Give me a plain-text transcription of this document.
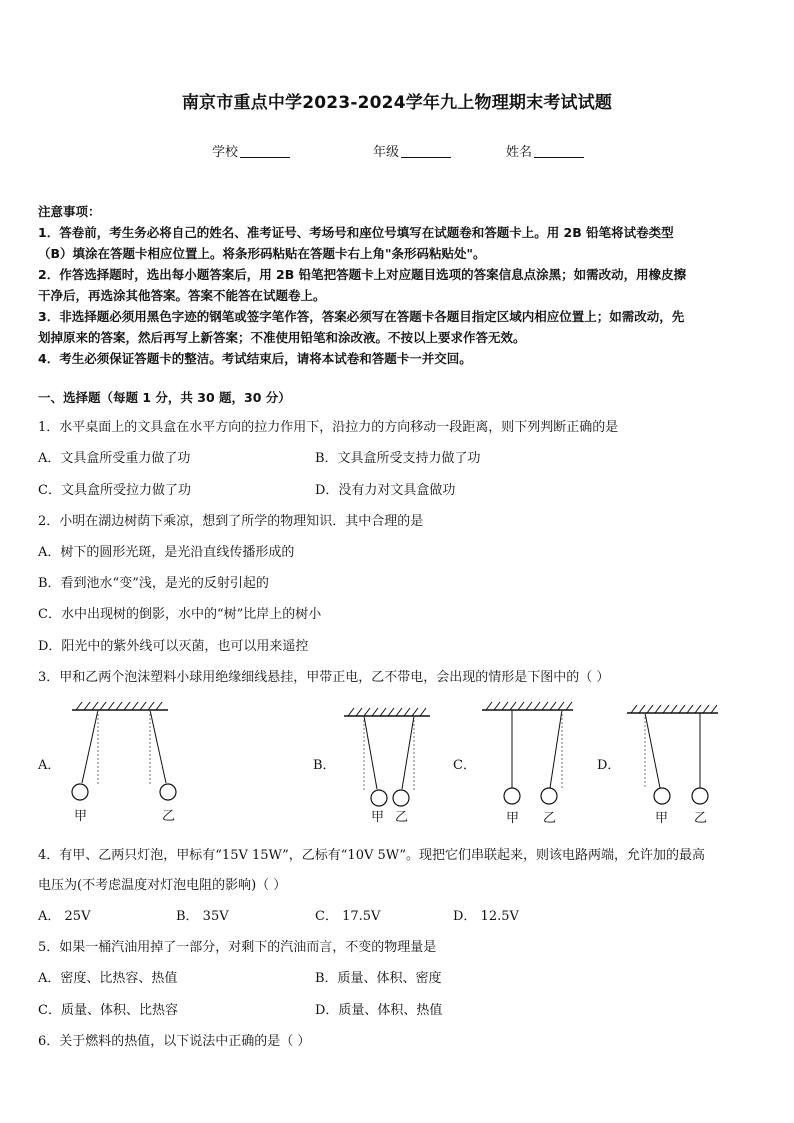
南京市重点中学2023-2024学年九上物理期末考试试题
学校	年级	姓名
注意事项：
1．答卷前，考生务必将自己的姓名、准考证号、考场号和座位号填写在试题卷和答题卡上。用 2B 铅笔将试卷类型
（B）填涂在答题卡相应位置上。将条形码粘贴在答题卡右上角"条形码粘贴处"。
2．作答选择题时，选出每小题答案后，用 2B 铅笔把答题卡上对应题目选项的答案信息点涂黑；如需改动，用橡皮擦
干净后，再选涂其他答案。答案不能答在试题卷上。
3．非选择题必须用黑色字迹的钢笔或签字笔作答，答案必须写在答题卡各题目指定区域内相应位置上；如需改动，先
划掉原来的答案，然后再写上新答案；不准使用铅笔和涂改液。不按以上要求作答无效。
4．考生必须保证答题卡的整洁。考试结束后，请将本试卷和答题卡一并交回。
一、选择题（每题 1 分，共 30 题，30 分）
1．水平桌面上的文具盒在水平方向的拉力作用下，沿拉力的方向移动一段距离，则下列判断正确的是
A．文具盒所受重力做了功	B．文具盒所受支持力做了功
C．文具盒所受拉力做了功	D．没有力对文具盒做功
2．小明在湖边树荫下乘凉，想到了所学的物理知识．其中合理的是
A．树下的圆形光斑，是光沿直线传播形成的
B．看到池水“变”浅，是光的反射引起的
C．水中出现树的倒影，水中的“树”比岸上的树小
D．阳光中的紫外线可以灭菌，也可以用来遥控
3．甲和乙两个泡沫塑料小球用绝缘细线悬挂，甲带正电，乙不带电，会出现的情形是下图中的（ ）
A．	B．	C．	D．
甲	乙	甲 乙	甲 乙	甲 乙
4．有甲、乙两只灯泡，甲标有“15V 15W”，乙标有“10V 5W”。现把它们串联起来，则该电路两端，允许加的最高
电压为(不考虑温度对灯泡电阻的影响)（ ）
A． 25V	B． 35V	C． 17.5V	D． 12.5V
5．如果一桶汽油用掉了一部分，对剩下的汽油而言，不变的物理量是
A．密度、比热容、热值	B．质量、体积、密度
C．质量、体积、比热容	D．质量、体积、热值
6．关于燃料的热值，以下说法中正确的是（ ）
